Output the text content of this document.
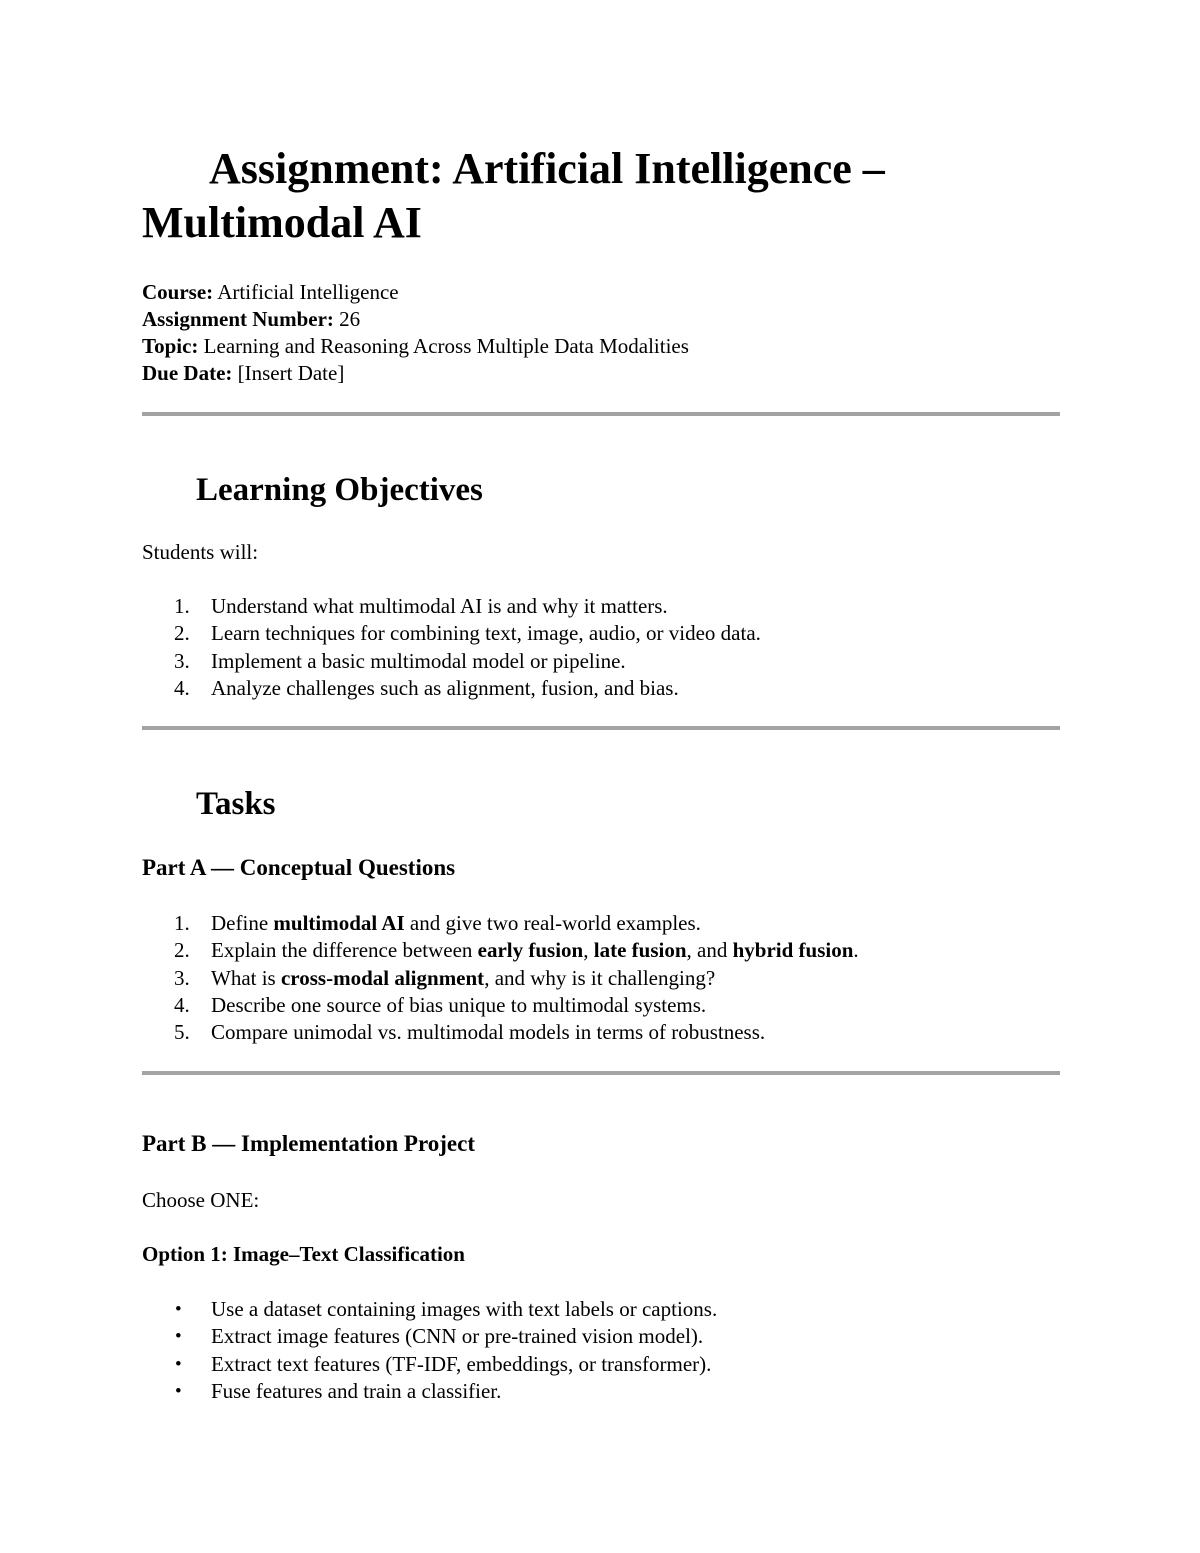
Assignment: Artificial Intelligence – Multimodal AI
Course: Artificial Intelligence
Assignment Number: 26
Topic: Learning and Reasoning Across Multiple Data Modalities
Due Date: [Insert Date]
Learning Objectives
Students will:
1. Understand what multimodal AI is and why it matters.
2. Learn techniques for combining text, image, audio, or video data.
3. Implement a basic multimodal model or pipeline.
4. Analyze challenges such as alignment, fusion, and bias.
Tasks
Part A — Conceptual Questions
1. Define multimodal AI and give two real-world examples.
2. Explain the difference between early fusion, late fusion, and hybrid fusion.
3. What is cross-modal alignment, and why is it challenging?
4. Describe one source of bias unique to multimodal systems.
5. Compare unimodal vs. multimodal models in terms of robustness.
Part B — Implementation Project
Choose ONE:
Option 1: Image–Text Classification
• Use a dataset containing images with text labels or captions.
• Extract image features (CNN or pre-trained vision model).
• Extract text features (TF-IDF, embeddings, or transformer).
• Fuse features and train a classifier.
